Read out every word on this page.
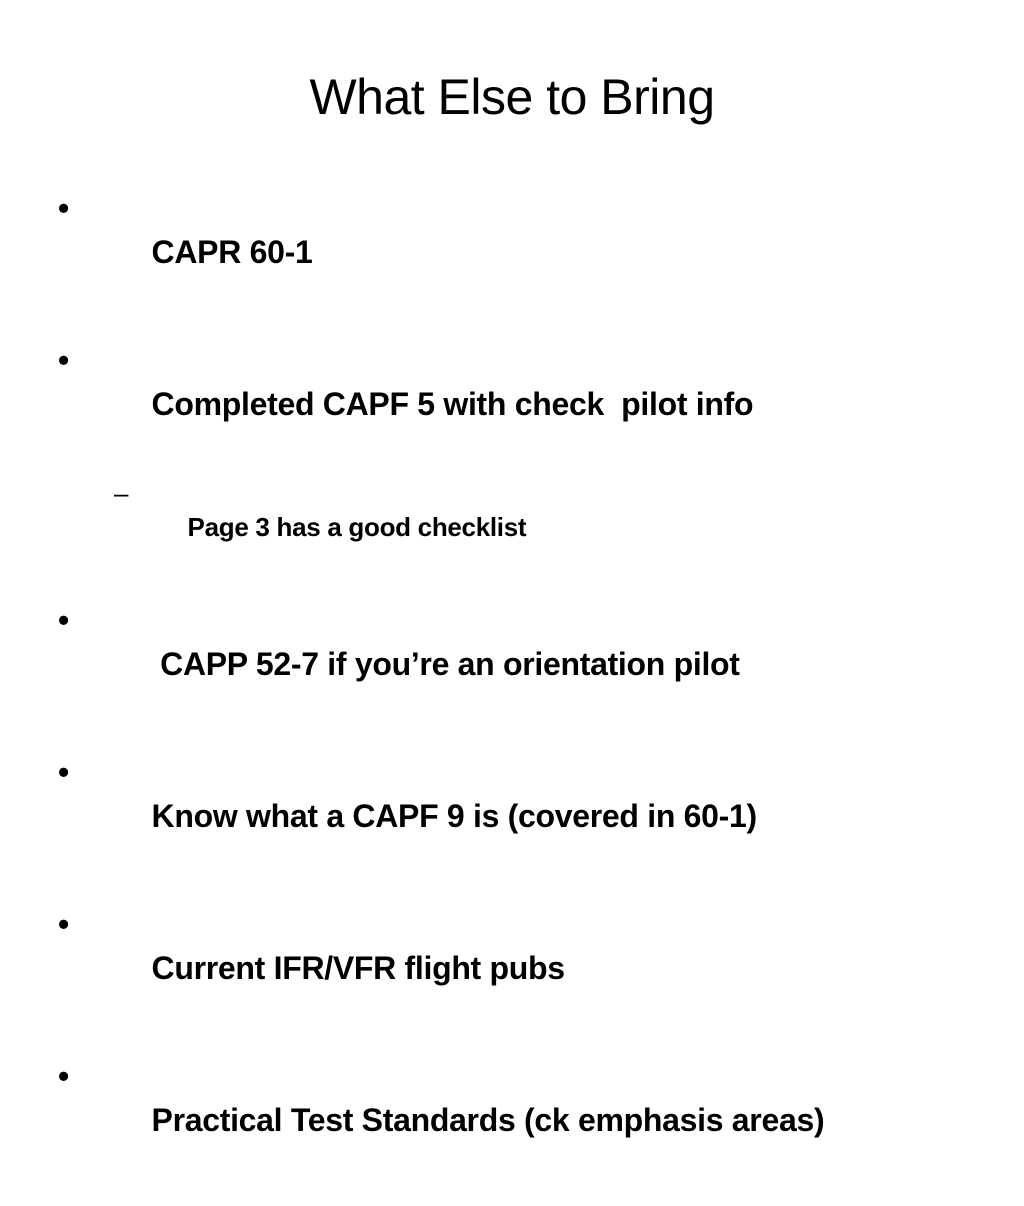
What Else to Bring

•
CAPR 60-1

•
Completed CAPF 5 with check  pilot info

–
Page 3 has a good checklist

•
CAPP 52-7 if you’re an orientation pilot

•
Know what a CAPF 9 is (covered in 60-1)

•
Current IFR/VFR flight pubs

•
Practical Test Standards (ck emphasis areas)
